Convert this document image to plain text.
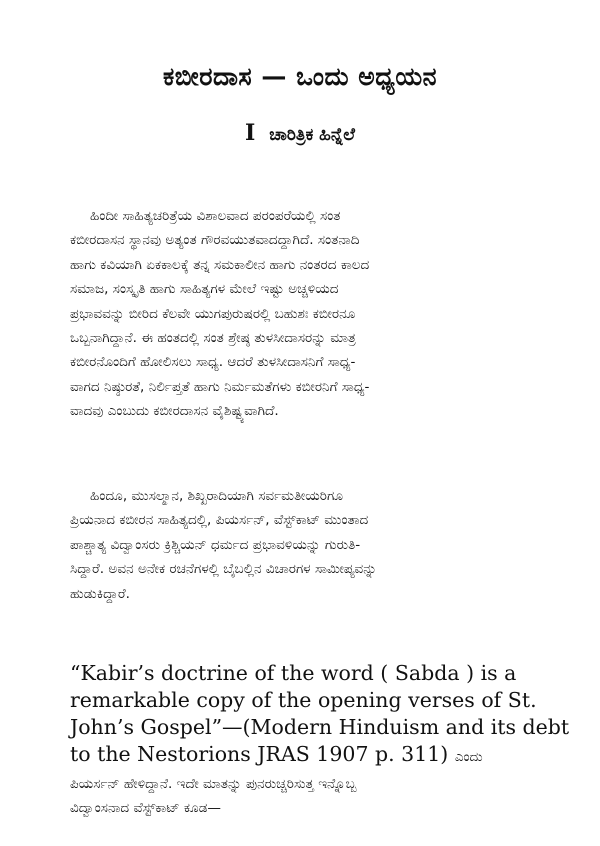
ಕಬೀರದಾಸ — ಒಂದು ಅಧ್ಯಯನ
I ಚಾರಿತ್ರಿಕ ಹಿನ್ನೆಲೆ
ಹಿಂದೀ ಸಾಹಿತ್ಯಚರಿತ್ರೆಯ ವಿಶಾಲವಾದ ಪರಂಪರೆಯಲ್ಲಿ ಸಂತ
ಕಬೀರದಾಸನ ಸ್ಥಾನವು ಅತ್ಯಂತ ಗೌರವಯುತವಾದದ್ದಾಗಿದೆ. ಸಂತನಾದಿ
ಹಾಗು ಕವಿಯಾಗಿ ಏಕಕಾಲಕ್ಕೆ ತನ್ನ ಸಮಕಾಲೀನ ಹಾಗು ನಂತರದ ಕಾಲದ
ಸಮಾಜ, ಸಂಸ್ಕೃತಿ ಹಾಗು ಸಾಹಿತ್ಯಗಳ ಮೇಲೆ ಇಷ್ಟು ಅಚ್ಚಳಿಯದ
ಪ್ರಭಾವವನ್ನು ಬೀರಿದ ಕೆಲವೇ ಯುಗಪುರುಷರಲ್ಲಿ ಬಹುಶಃ ಕಬೀರನೂ
ಒಬ್ಬನಾಗಿದ್ದಾನೆ. ಈ ಹಂತದಲ್ಲಿ ಸಂತ ಶ್ರೇಷ್ಠ ತುಳಸೀದಾಸರನ್ನು ಮಾತ್ರ
ಕಬೀರನೊಂದಿಗೆ ಹೋಲಿಸಲು ಸಾಧ್ಯ. ಆದರೆ ತುಳಸೀದಾಸನಿಗೆ ಸಾಧ್ಯ-
ವಾಗದ ನಿಷ್ಠುರತೆ, ನಿರ್ಲಿಪ್ತತೆ ಹಾಗು ನಿರ್ಮಮತೆಗಳು ಕಬೀರನಿಗೆ ಸಾಧ್ಯ-
ವಾದವು ಎಂಬುದು ಕಬೀರದಾಸನ ವೈಶಿಷ್ಟ್ಯವಾಗಿದೆ.
ಹಿಂದೂ, ಮುಸಲ್ಮಾನ, ಶಿಖ್ಖರಾದಿಯಾಗಿ ಸರ್ವಮತೀಯರಿಗೂ
ಪ್ರಿಯನಾದ ಕಬೀರನ ಸಾಹಿತ್ಯದಲ್ಲಿ, ಪಿಯರ್ಸನ್, ವೆಸ್ಟ್‌ಕಾಟ್ ಮುಂತಾದ
ಪಾಶ್ಚಾತ್ಯ ವಿದ್ವಾಂಸರು ಕ್ರಿಶ್ಚಿಯನ್ ಧರ್ಮದ ಪ್ರಭಾವಳಿಯನ್ನು ಗುರುತಿ-
ಸಿದ್ದಾರೆ. ಅವನ ಅನೇಕ ರಚನೆಗಳಲ್ಲಿ ಬೈಬಲ್ಲಿನ ವಿಚಾರಗಳ ಸಾಮೀಪ್ಯವನ್ನು
ಹುಡುಕಿದ್ದಾರೆ.
“Kabir’s doctrine of the word ( Sabda ) is a
remarkable copy of the opening verses of St.
John’s Gospel”—(Modern Hinduism and its debt
to the Nestorions JRAS 1907 p. 311) ಎಂದು
ಪಿಯರ್ಸನ್ ಹೇಳಿದ್ದಾನೆ. ಇದೇ ಮಾತನ್ನು ಪುನರುಚ್ಚರಿಸುತ್ತ ಇನ್ನೊಬ್ಬ
ವಿದ್ವಾಂಸನಾದ ವೆಸ್ಟ್‌ಕಾಟ್ ಕೂಡ—
